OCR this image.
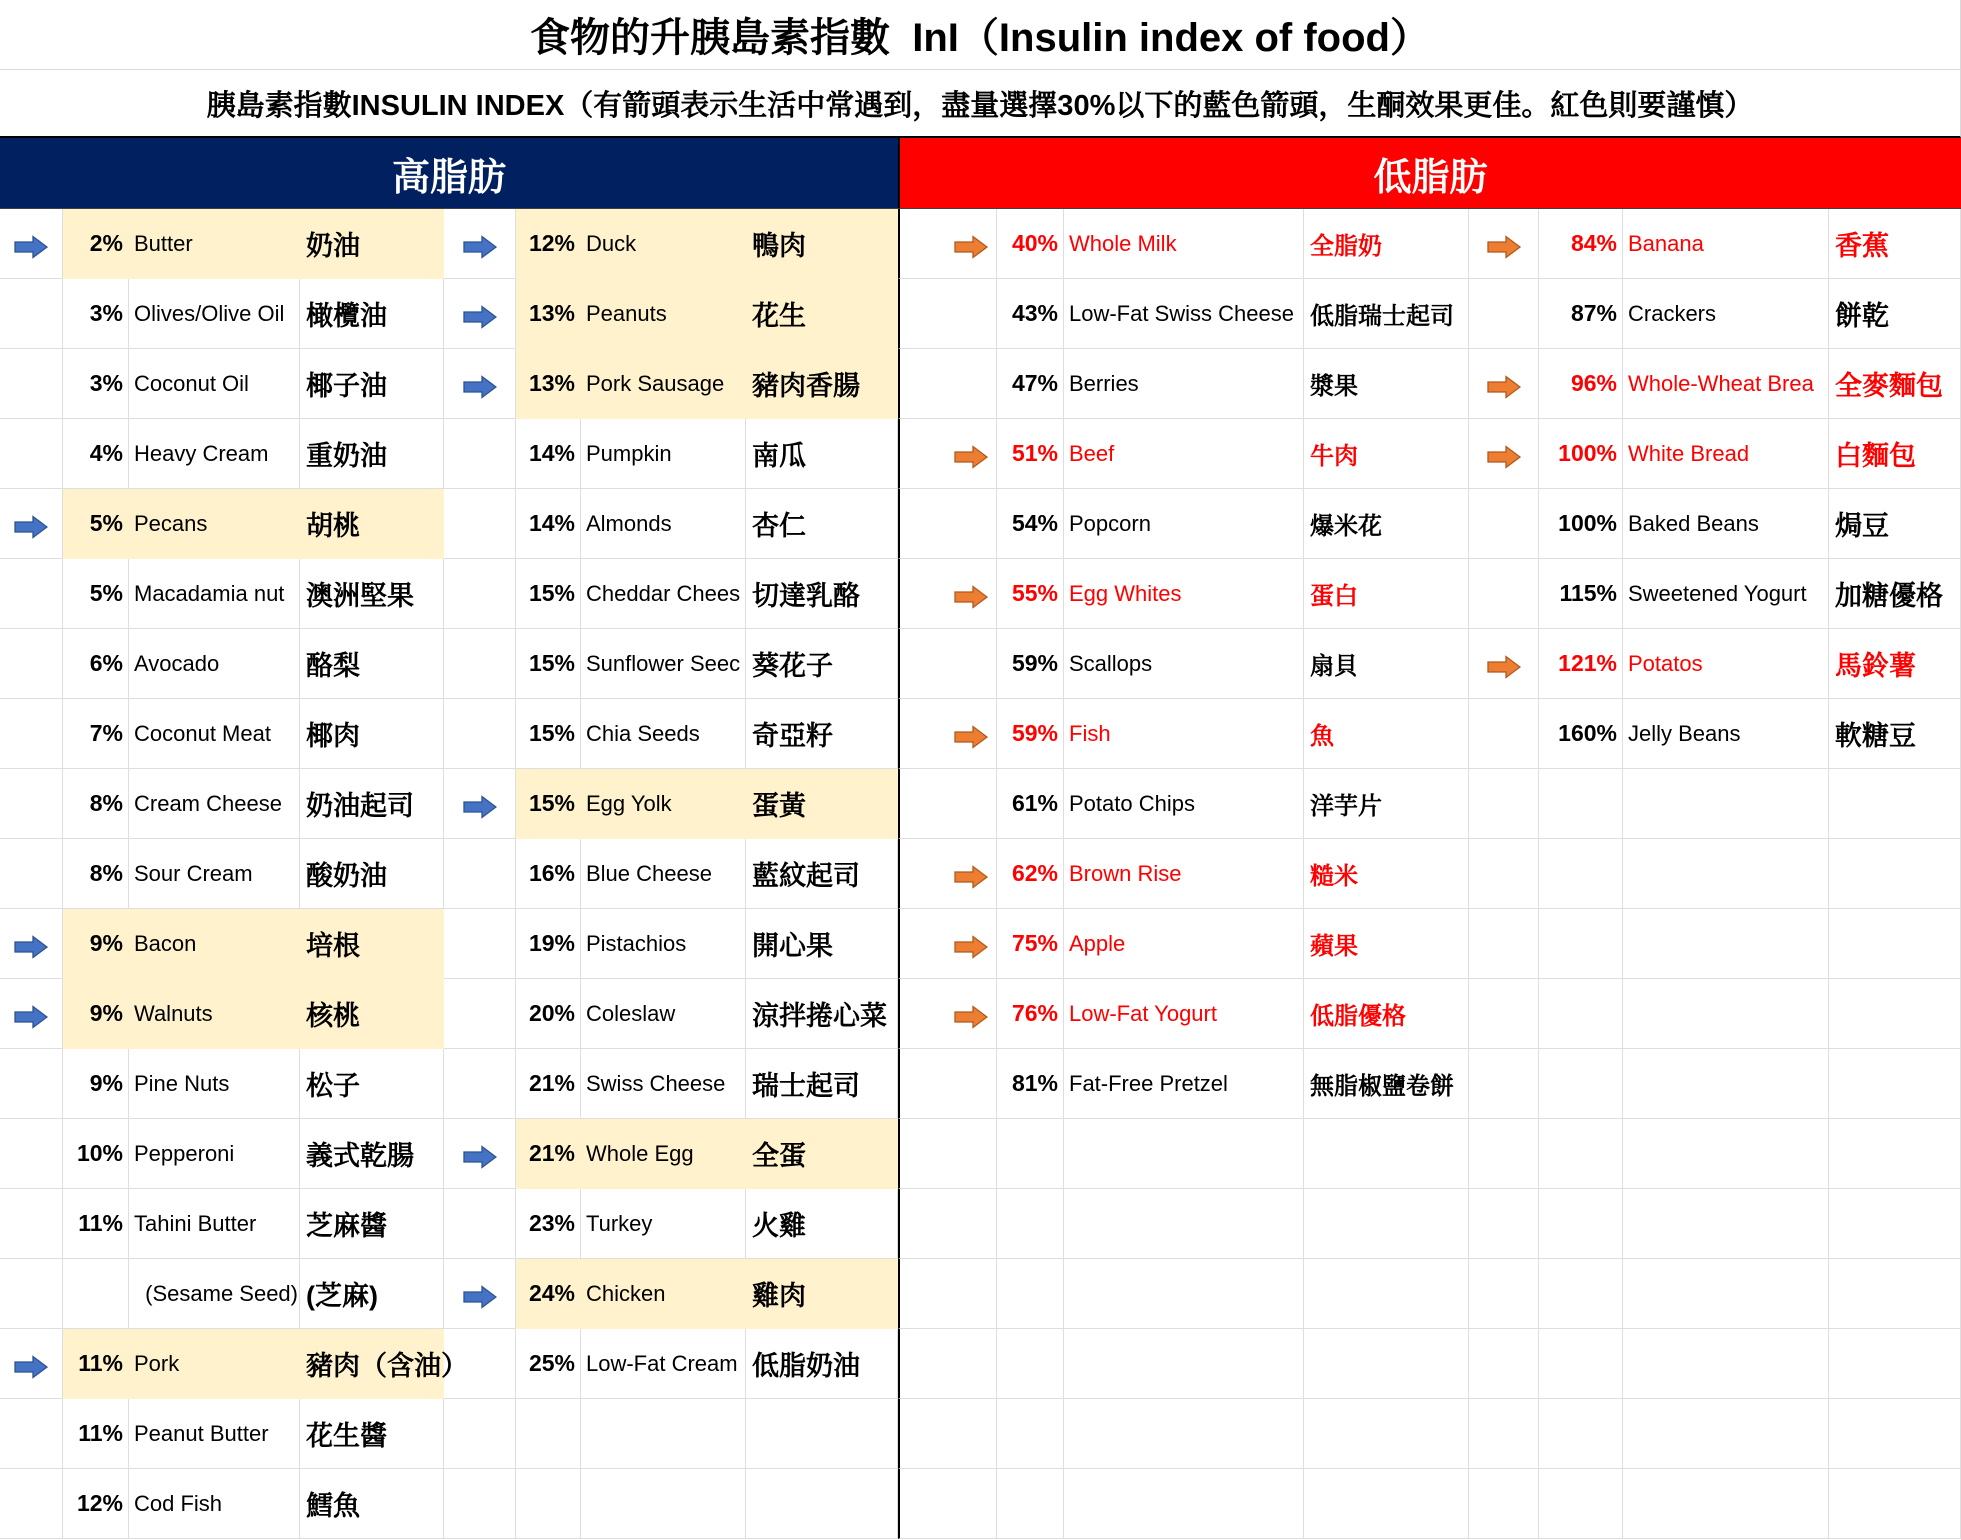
食物的升胰島素指數  InI（Insulin index of food）
胰島素指數INSULIN INDEX（有箭頭表示生活中常遇到，盡量選擇30%以下的藍色箭頭，生酮效果更佳。紅色則要謹慎）
高脂肪	低脂肪
2% Butter	奶油
3% Olives/Olive Oil 橄欖油
3% Coconut Oil	椰子油
4% Heavy Cream	重奶油
5% Pecans	胡桃
5% Macadamia nut 澳洲堅果
6% Avocado	酪梨
7% Coconut Meat	椰肉
8% Cream Cheese 奶油起司
8% Sour Cream	酸奶油
9% Bacon	培根
9% Walnuts	核桃
9% Pine Nuts	松子
10% Pepperoni	義式乾腸
11% Tahini Butter	芝麻醬
(Sesame Seed) (芝麻)
11% Pork	豬肉（含油）
11% Peanut Butter	花生醬
12% Cod Fish	鱈魚
12% Duck	鴨肉
13% Peanuts	花生
13% Pork Sausage	豬肉香腸
14% Pumpkin	南瓜
14% Almonds	杏仁
15% Cheddar Chees 切達乳酪
15% Sunflower Seec 葵花子
15% Chia Seeds	奇亞籽
15% Egg Yolk	蛋黃
16% Blue Cheese	藍紋起司
19% Pistachios	開心果
20% Coleslaw	涼拌捲心菜
21% Swiss Cheese 瑞士起司
21% Whole Egg	全蛋
23% Turkey	火雞
24% Chicken	雞肉
25% Low-Fat Cream 低脂奶油
40% Whole Milk	全脂奶
43% Low-Fat Swiss Cheese 低脂瑞士起司
47% Berries	漿果
51% Beef	牛肉
54% Popcorn	爆米花
55% Egg Whites	蛋白
59% Scallops	扇貝
59% Fish	魚
61% Potato Chips	洋芋片
62% Brown Rise	糙米
75% Apple	蘋果
76% Low-Fat Yogurt	低脂優格
81% Fat-Free Pretzel	無脂椒鹽卷餅
84% Banana	香蕉
87% Crackers	餅乾
96% Whole-Wheat Brea 全麥麵包
100% White Bread	白麵包
100% Baked Beans	焗豆
115% Sweetened Yogurt	加糖優格
121% Potatos	馬鈴薯
160% Jelly Beans	軟糖豆
